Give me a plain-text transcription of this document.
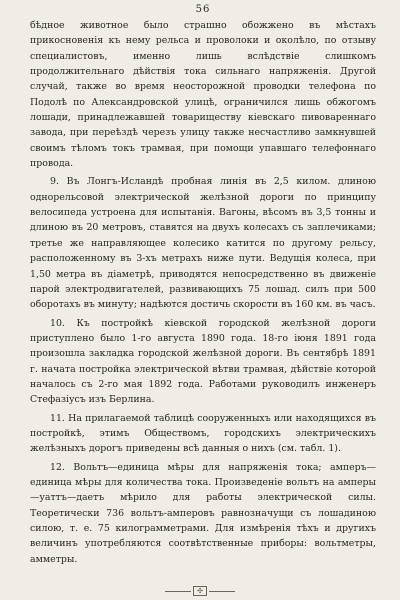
56

бѣдное животное было страшно обожжено въ мѣстахъ прикосновенія къ нему рельса и проволоки и околѣло, по отзыву специалистовъ, именно лишь вслѣдствіе слишкомъ продолжительнаго дѣйствія тока сильнаго напряженія. Другой случай, также во время неосторожной проводки телефона по Подолѣ по Александровской улицѣ, ограничился лишь обжогомъ лошади, принадлежавшей товариществу кіевскаго пивовареннаго завода, при переѣздѣ черезъ улицу также несчастливо замкнувшей своимъ тѣломъ токъ трамвая, при помощи упавшаго телефоннаго провода.

9. Въ Лонгъ-Исландѣ пробная линія въ 2,5 килом. длиною однорельсовой электрической желѣзной дороги по принципу велосипеда устроена для испытанія. Вагоны, вѣсомъ въ 3,5 тонны и длиною въ 20 метровъ, ставятся на двухъ колесахъ съ заплечиками; третье же направляющее колесико катится по другому рельсу, расположенному въ 3-хъ метрахъ ниже пути. Ведущія колеса, при 1,50 метра въ діаметрѣ, приводятся непосредственно въ движеніе парой электродвигателей, развивающихъ 75 лошад. силъ при 500 оборотахъ въ минуту; надѣются достичь скорости въ 160 км. въ часъ.

10. Къ постройкѣ кіевской городской желѣзной дороги приступлено было 1-го августа 1890 года. 18-го іюня 1891 года произошла закладка городской желѣзной дороги. Въ сентябрѣ 1891 г. начата постройка электрической вѣтви трамвая, дѣйствіе которой началось съ 2-го мая 1892 года. Работами руководилъ инженеръ Стефазіусъ изъ Берлина.

11. На прилагаемой таблицѣ сооруженныхъ или находящихся въ постройкѣ, этимъ Обществомъ, городскихъ электрическихъ желѣзныхъ дорогъ приведены всѣ данныя о нихъ (см. табл. 1).

12. Вольтъ—единица мѣры для напряженія тока; амперъ—единица мѣры для количества тока. Произведеніе вольтъ на амперы—уаттъ—даетъ мѣрило для работы электрической силы. Теоретически 736 вольтъ-амперовъ равнозначущи съ лошадиною силою, т. е. 75 килограмметрами. Для измѣренія тѣхъ и другихъ величинъ употребляются соотвѣтственные приборы: вольтметры, амметры.

✣
